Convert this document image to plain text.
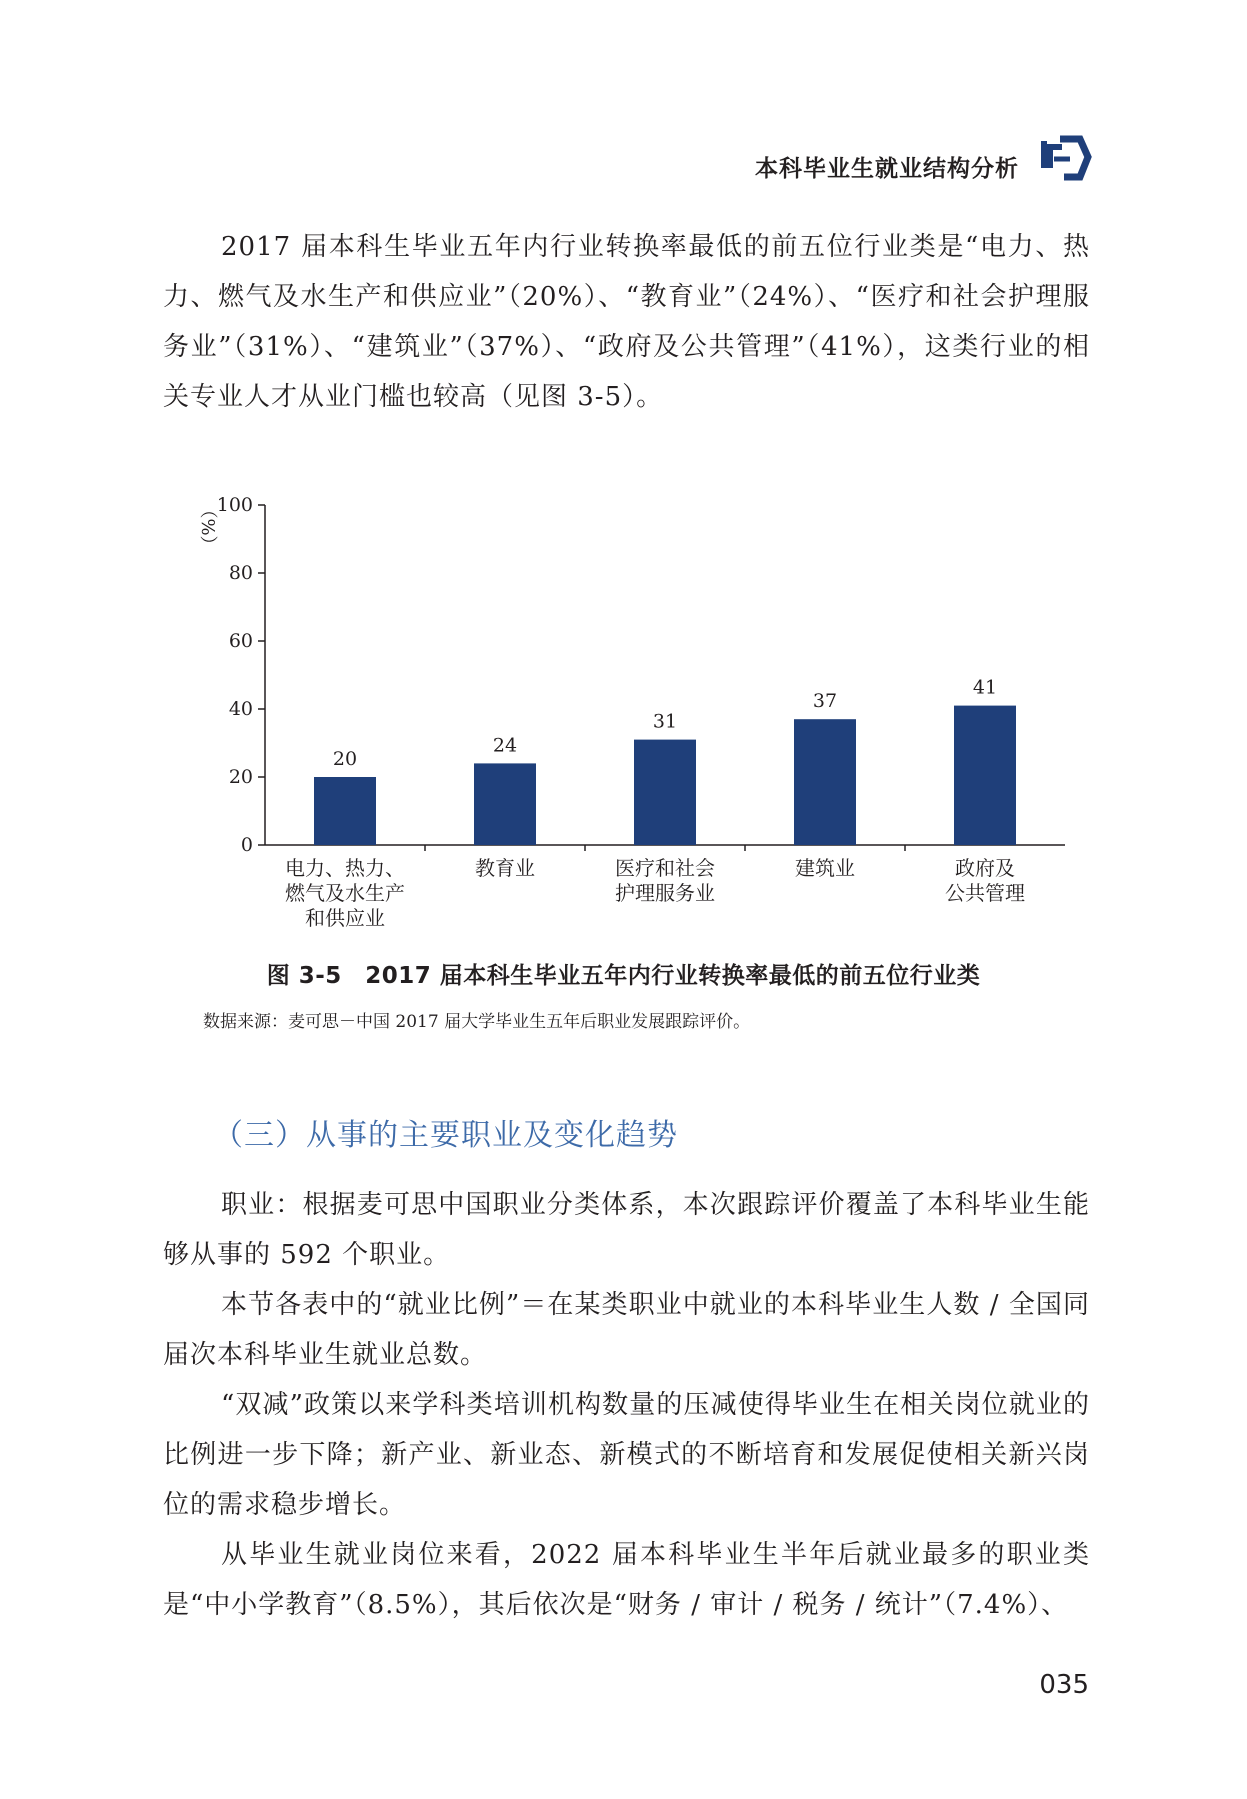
本科毕业生就业结构分析

2017 届本科生毕业五年内行业转换率最低的前五位行业类是“电力、热力、燃气及水生产和供应业”（20%）、“教育业”（24%）、“医疗和社会护理服务业”（31%）、“建筑业”（37%）、“政府及公共管理”（41%），这类行业的相关专业人才从业门槛也较高（见图 3-5）。

（%）
0
20
40
60
80
100
20
电力、热力、
燃气及水生产
和供应业
24
教育业
31
医疗和社会
护理服务业
37
建筑业
41
政府及
公共管理
图 3-5　2017 届本科生毕业五年内行业转换率最低的前五位行业类
数据来源：麦可思－中国 2017 届大学毕业生五年后职业发展跟踪评价。
（三）从事的主要职业及变化趋势

职业：根据麦可思中国职业分类体系，本次跟踪评价覆盖了本科毕业生能够从事的 592 个职业。

本节各表中的“就业比例”＝在某类职业中就业的本科毕业生人数 / 全国同届次本科毕业生就业总数。

“双减”政策以来学科类培训机构数量的压减使得毕业生在相关岗位就业的比例进一步下降；新产业、新业态、新模式的不断培育和发展促使相关新兴岗位的需求稳步增长。

从毕业生就业岗位来看，2022 届本科毕业生半年后就业最多的职业类是“中小学教育”（8.5%），其后依次是“财务 / 审计 / 税务 / 统计”（7.4%）、

035
